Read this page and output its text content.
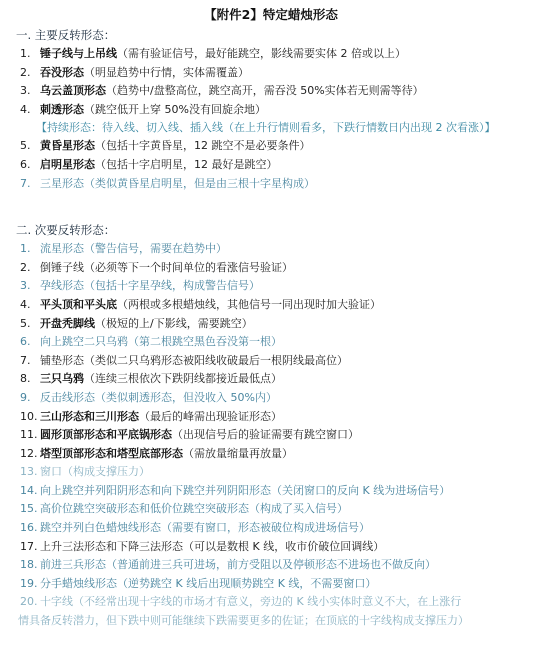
【附件2】特定蜡烛形态
一. 主要反转形态：
1. 锤子线与上吊线（需有验证信号，最好能跳空，影线需要实体 2 倍或以上）
2. 吞没形态（明显趋势中行情，实体需覆盖）
3. 乌云盖顶形态（趋势中/盘整高位，跳空高开，需吞没 50%实体若无则需等待）
4. 刺透形态（跳空低开上穿 50%没有回旋余地）

【持续形态：待入线、切入线、插入线（在上升行情则看多，下跌行情数日内出现 2 次看涨）】

5. 黄昏星形态（包括十字黄昏星，12 跳空不是必要条件）
6. 启明星形态（包括十字启明星，12 最好是跳空）
7. 三星形态（类似黄昏星启明星，但是由三根十字星构成）
二. 次要反转形态：
1. 流星形态（警告信号，需要在趋势中）
2. 倒锤子线（必须等下一个时间单位的看涨信号验证）
3. 孕线形态（包括十字星孕线，构成警告信号）
4. 平头顶和平头底（两根或多根蜡烛线，其他信号一同出现时加大验证）
5. 开盘秃脚线（极短的上/下影线，需要跳空）
6. 向上跳空二只乌鸦（第二根跳空黑色吞没第一根）
7. 铺垫形态（类似二只乌鸦形态被阳线收破最后一根阴线最高位）
8. 三只乌鸦（连续三根依次下跌阴线都接近最低点）
9. 反击线形态（类似刺透形态，但没收入 50%内）
10. 三山形态和三川形态（最后的峰需出现验证形态）
11. 圆形顶部形态和平底锅形态（出现信号后的验证需要有跳空窗口）
12. 塔型顶部形态和塔型底部形态（需放量缩量再放量）
13. 窗口（构成支撑压力）
14. 向上跳空并列阳阴形态和向下跳空并列阴阳形态（关闭窗口的反向 K 线为进场信号）
15. 高价位跳空突破形态和低价位跳空突破形态（构成了买入信号）
16. 跳空并列白色蜡烛线形态（需要有窗口，形态被破位构成进场信号）
17. 上升三法形态和下降三法形态（可以是数根 K 线，收市价破位回调线）
18. 前进三兵形态（普通前进三兵可进场，前方受阻以及停顿形态不进场也不做反向）
19. 分手蜡烛线形态（逆势跳空 K 线后出现顺势跳空 K 线，不需要窗口）
20. 十字线（不经常出现十字线的市场才有意义，旁边的 K 线小实体时意义不大，在上涨行

情具备反转潜力，但下跌中则可能继续下跌需要更多的佐证；在顶底的十字线构成支撑压力）
